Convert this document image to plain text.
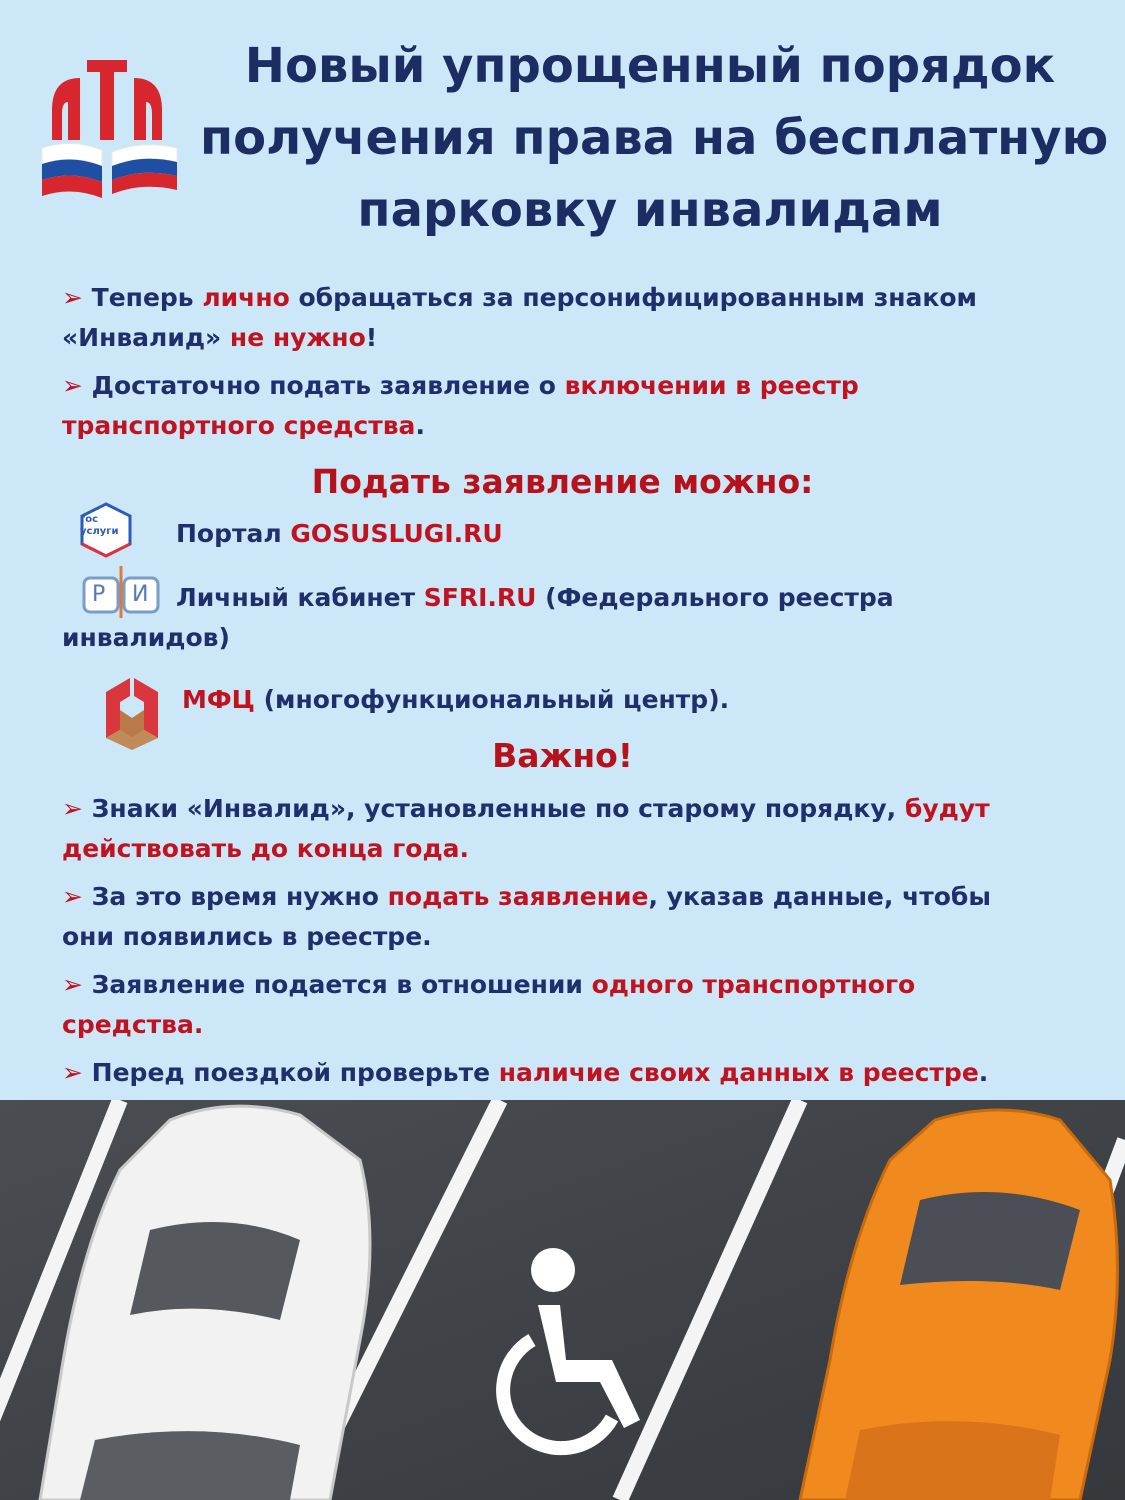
Новый упрощенный порядок
получения права на бесплатную
парковку инвалидам
➢ Теперь лично обращаться за персонифицированным знаком
«Инвалид» не нужно!
➢ Достаточно подать заявление о включении в реестр
транспортного средства.
Подать заявление можно:
гос
услуги Портал GOSUSLUGI.RU
Р И Личный кабинет SFRI.RU (Федерального реестра
инвалидов)
МФЦ (многофункциональный центр).
Важно!
➢ Знаки «Инвалид», установленные по старому порядку, будут
действовать до конца года.
➢ За это время нужно подать заявление, указав данные, чтобы
они появились в реестре.
➢ Заявление подается в отношении одного транспортного
средства.
➢ Перед поездкой проверьте наличие своих данных в реестре.
